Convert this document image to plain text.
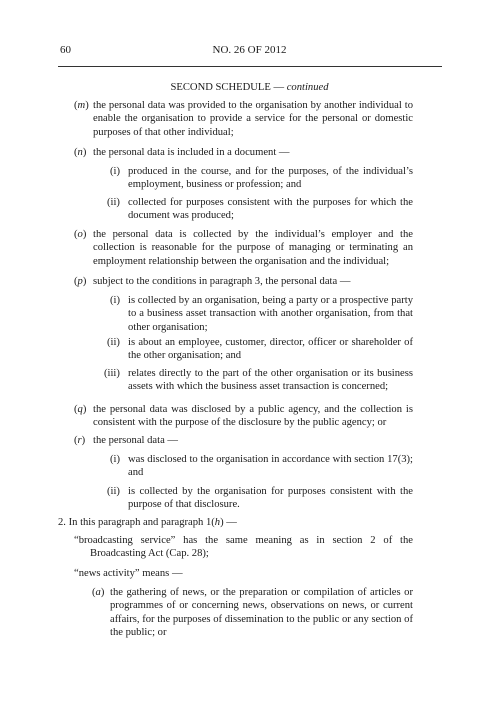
60	NO. 26 OF 2012
SECOND SCHEDULE — continued
(m) the personal data was provided to the organisation by another individual to enable the organisation to provide a service for the personal or domestic purposes of that other individual;

(n) the personal data is included in a document —

(i) produced in the course, and for the purposes, of the individual’s employment, business or profession; and

(ii) collected for purposes consistent with the purposes for which the document was produced;

(o) the personal data is collected by the individual’s employer and the collection is reasonable for the purpose of managing or terminating an employment relationship between the organisation and the individual;

(p) subject to the conditions in paragraph 3, the personal data —

(i) is collected by an organisation, being a party or a prospective party to a business asset transaction with another organisation, from that other organisation;

(ii) is about an employee, customer, director, officer or shareholder of the other organisation; and

(iii) relates directly to the part of the other organisation or its business assets with which the business asset transaction is concerned;

(q) the personal data was disclosed by a public agency, and the collection is consistent with the purpose of the disclosure by the public agency; or

(r) the personal data —

(i) was disclosed to the organisation in accordance with section 17(3); and

(ii) is collected by the organisation for purposes consistent with the purpose of that disclosure.

2. In this paragraph and paragraph 1(h) —

“broadcasting service” has the same meaning as in section 2 of the Broadcasting Act (Cap. 28);

“news activity” means —

(a) the gathering of news, or the preparation or compilation of articles or programmes of or concerning news, observations on news, or current affairs, for the purposes of dissemination to the public or any section of the public; or
